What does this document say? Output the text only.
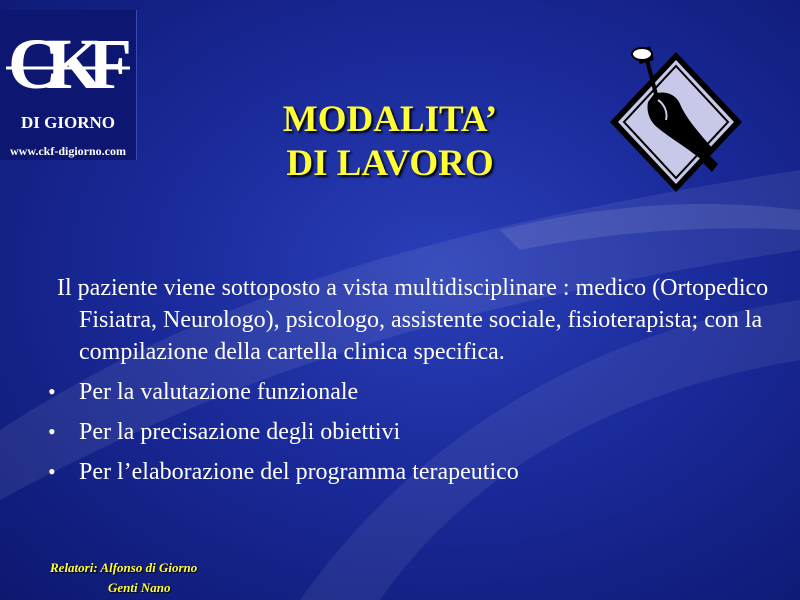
CKF
DI GIORNO
www.ckf-digiorno.com
MODALITA’
DI LAVORO

Il paziente viene sottoposto a vista multidisciplinare : medico (Ortopedico Fisiatra, Neurologo), psicologo, assistente sociale, fisioterapista; con la compilazione della cartella clinica specifica.

• Per la valutazione funzionale
• Per la precisazione degli obiettivi
• Per l’elaborazione del programma terapeutico
Relatori: Alfonso di Giorno
Genti Nano
